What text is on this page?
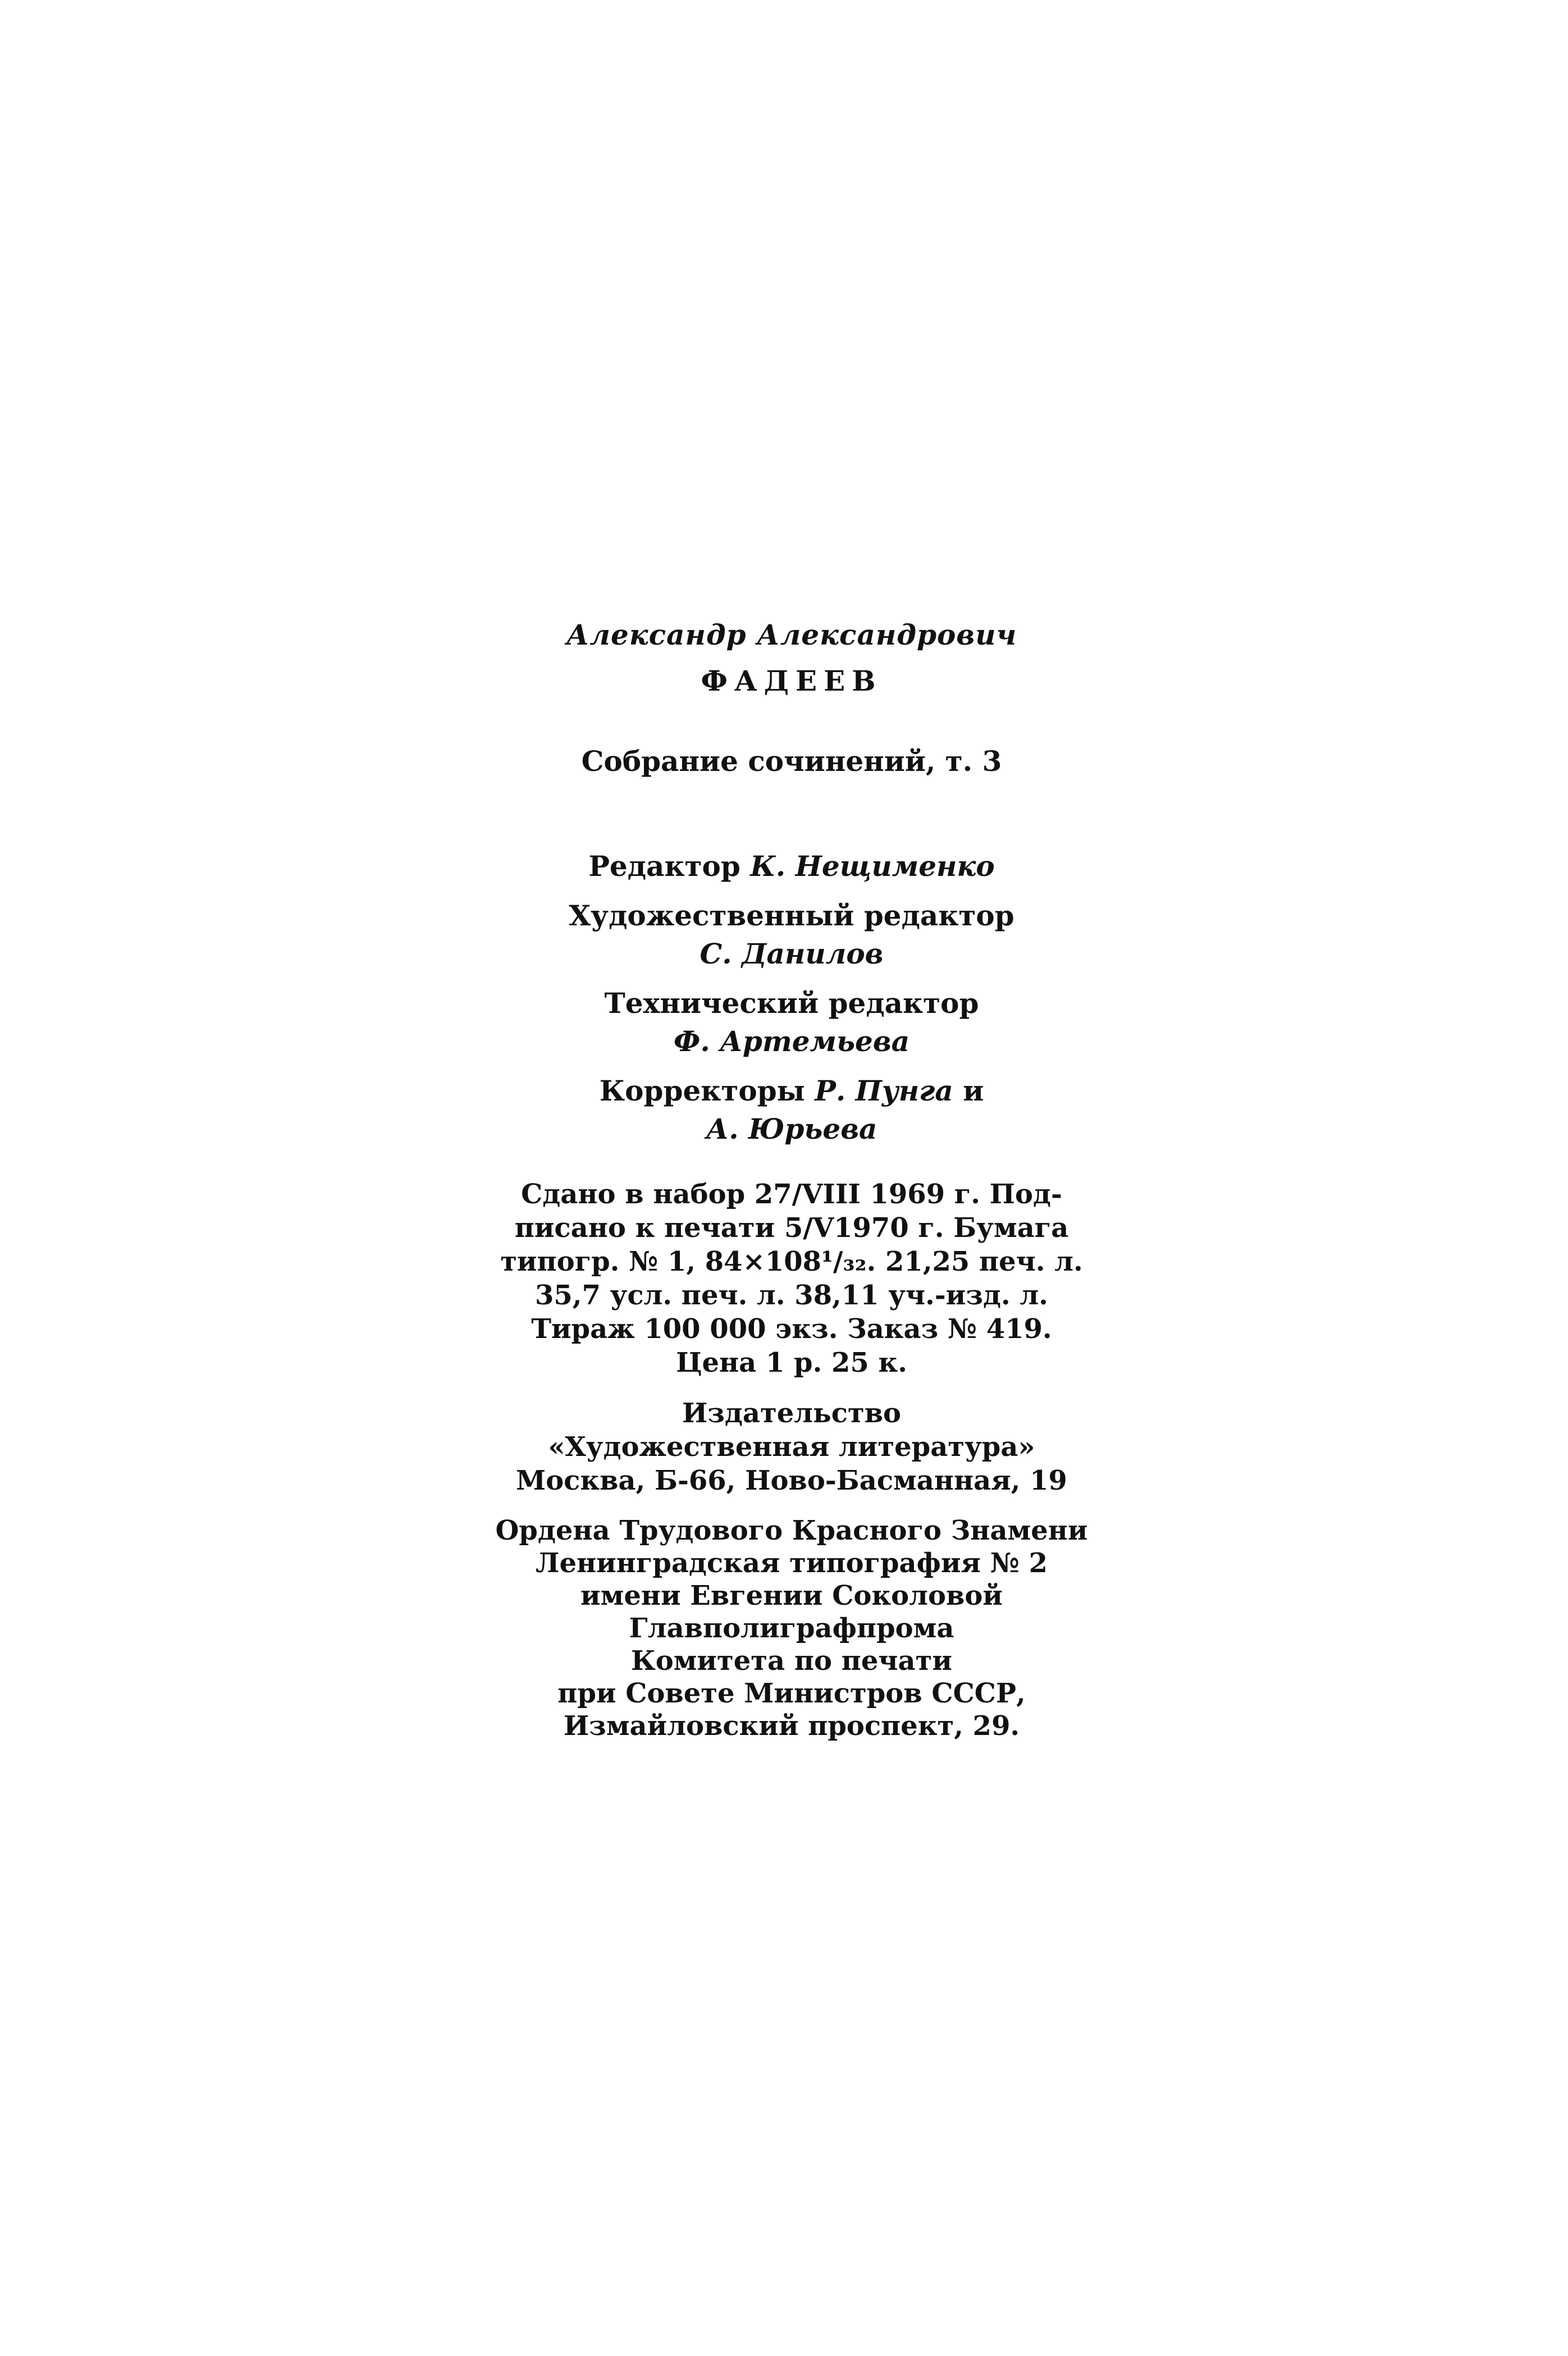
Александр Александрович
ФАДЕЕВ
Собрание сочинений, т. 3
Редактор К. Нещименко
Художественный редактор
С. Данилов
Технический редактор
Ф. Артемьева
Корректоры Р. Пунга и
А. Юрьева
Сдано в набор 27/VIII 1969 г. Под-
писано к печати 5/V1970 г. Бумага
типогр. № 1, 84×108¹/₃₂. 21,25 печ. л.
35,7 усл. печ. л. 38,11 уч.-изд. л.
Тираж 100 000 экз. Заказ № 419.
Цена 1 р. 25 к.
Издательство
«Художественная литература»
Москва, Б-66, Ново-Басманная, 19
Ордена Трудового Красного Знамени
Ленинградская типография № 2
имени Евгении Соколовой
Главполиграфпрома
Комитета по печати
при Совете Министров СССР,
Измайловский проспект, 29.
